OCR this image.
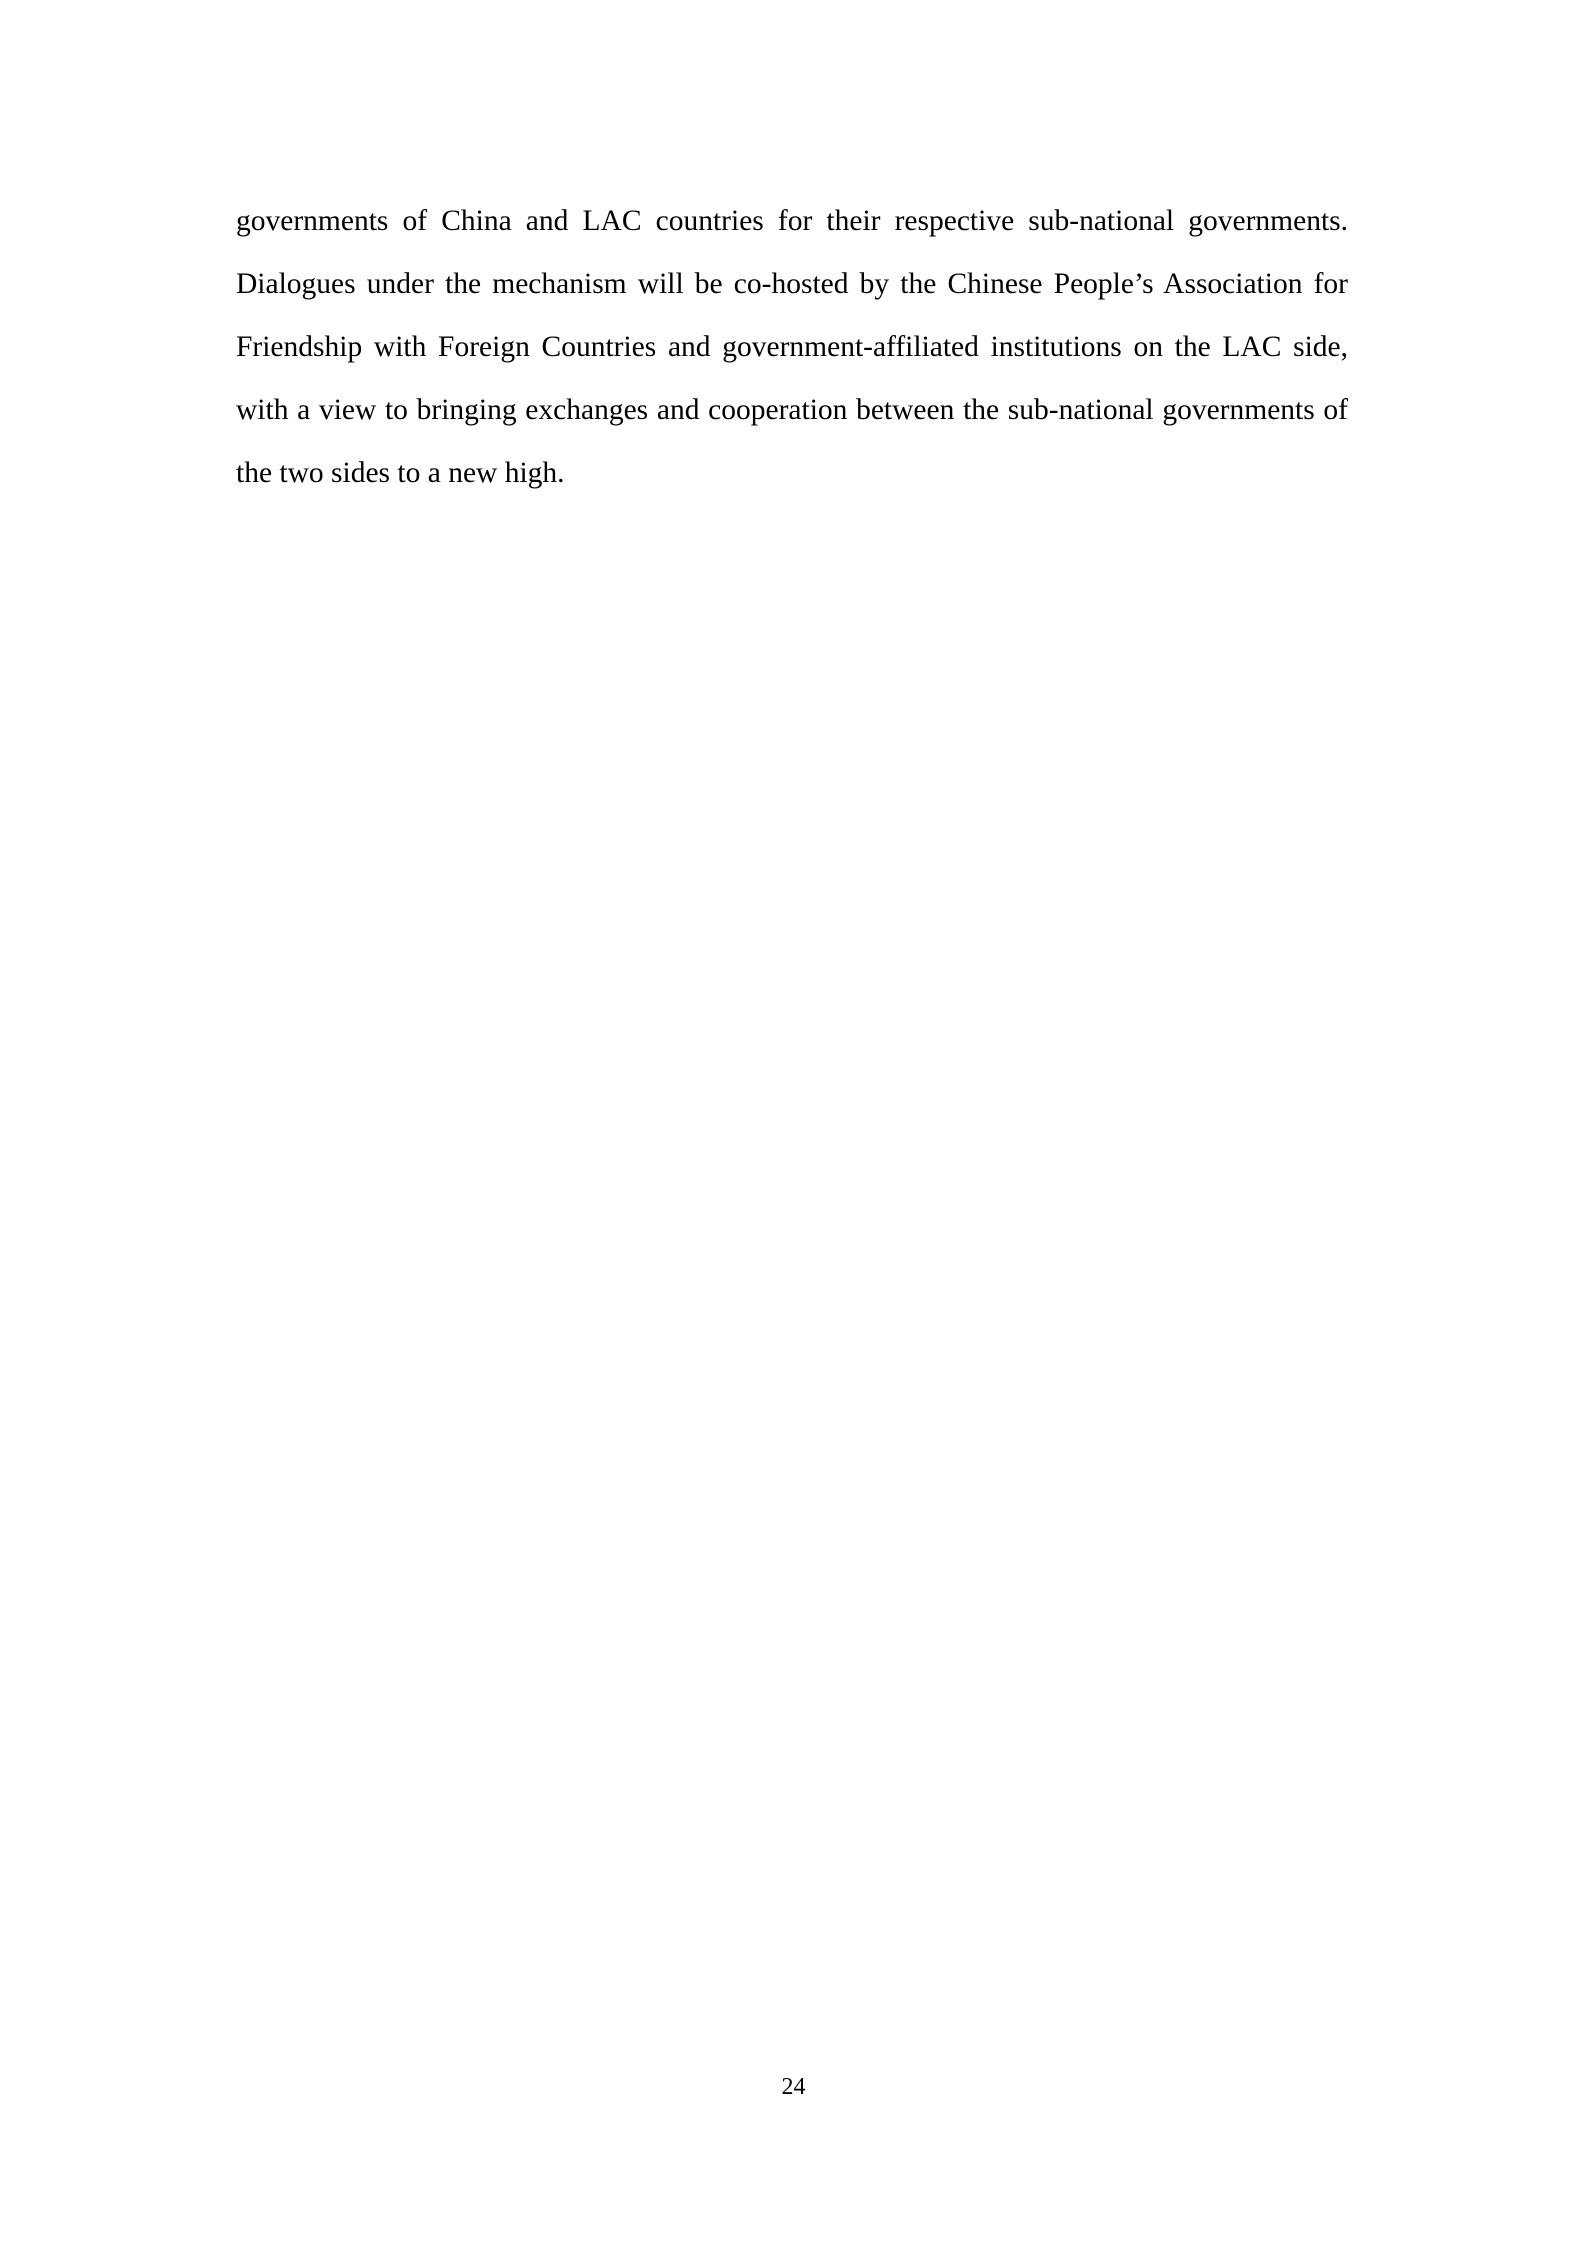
governments of China and LAC countries for their respective sub-national governments. Dialogues under the mechanism will be co-hosted by the Chinese People’s Association for Friendship with Foreign Countries and government-affiliated institutions on the LAC side, with a view to bringing exchanges and cooperation between the sub-national governments of the two sides to a new high.

24
